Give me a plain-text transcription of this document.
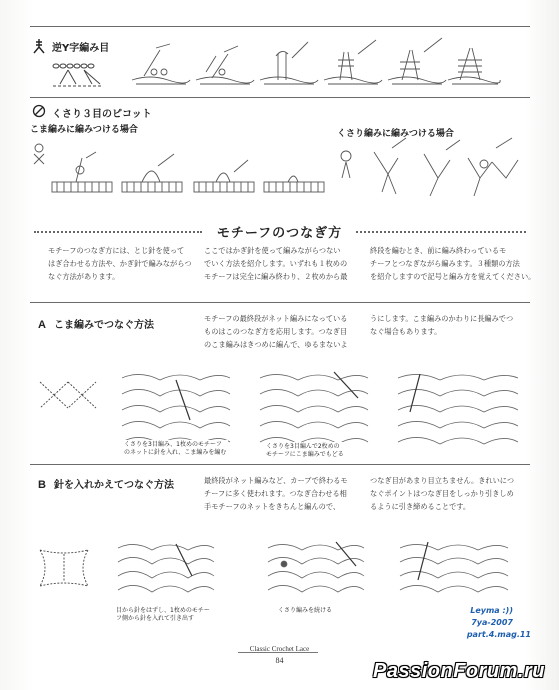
逆Y字編み目
くさり３目のピコット
こま編みに編みつける場合	くさり編みに編みつける場合
モチーフのつなぎ方
モチーフのつなぎ方には、とじ針を使って
はぎ合わせる方法や、かぎ針で編みながらつ
なぐ方法があります。
ここではかぎ針を使って編みながらつない
でいく方法を紹介します。いずれも１枚めの
モチーフは完全に編み終わり、２枚めから最
終段を編むとき、前に編み終わっているモ
チーフとつなぎながら編みます。３種類の方法
を紹介しますので記号と編み方を覚えてください。
A こま編みでつなぐ方法
モチーフの最終段がネット編みになっている
ものはこのつなぎ方を応用します。つなぎ目
のこま編みはきつめに編んで、ゆるまないよ
うにします。こま編みのかわりに長編みでつ
なぐ場合もあります。
くさりを3目編み、1枚めのモチーフ
のネットに針を入れ、こま編みを編む
くさりを3目編んで2枚めの
モチーフにこま編みでもどる
B 針を入れかえてつなぐ方法	最終段がネット編みなど、カーブで終わるモ
チーフに多く使われます。つなぎ合わせる相
手モチーフのネットをきちんと編んので、
つなぎ目があまり目立ちません。きれいにつ
なぐポイントはつなぎ目をしっかり引きしめ
るように引き締めることです。
目から針をはずし、1枚めのモチー
フ側から針を入れて引き出す
くさり編みを続ける
Classic Crochet Lace
84
Leyma :))
7ya-2007
part.4.mag.11
PassionForum.ru
